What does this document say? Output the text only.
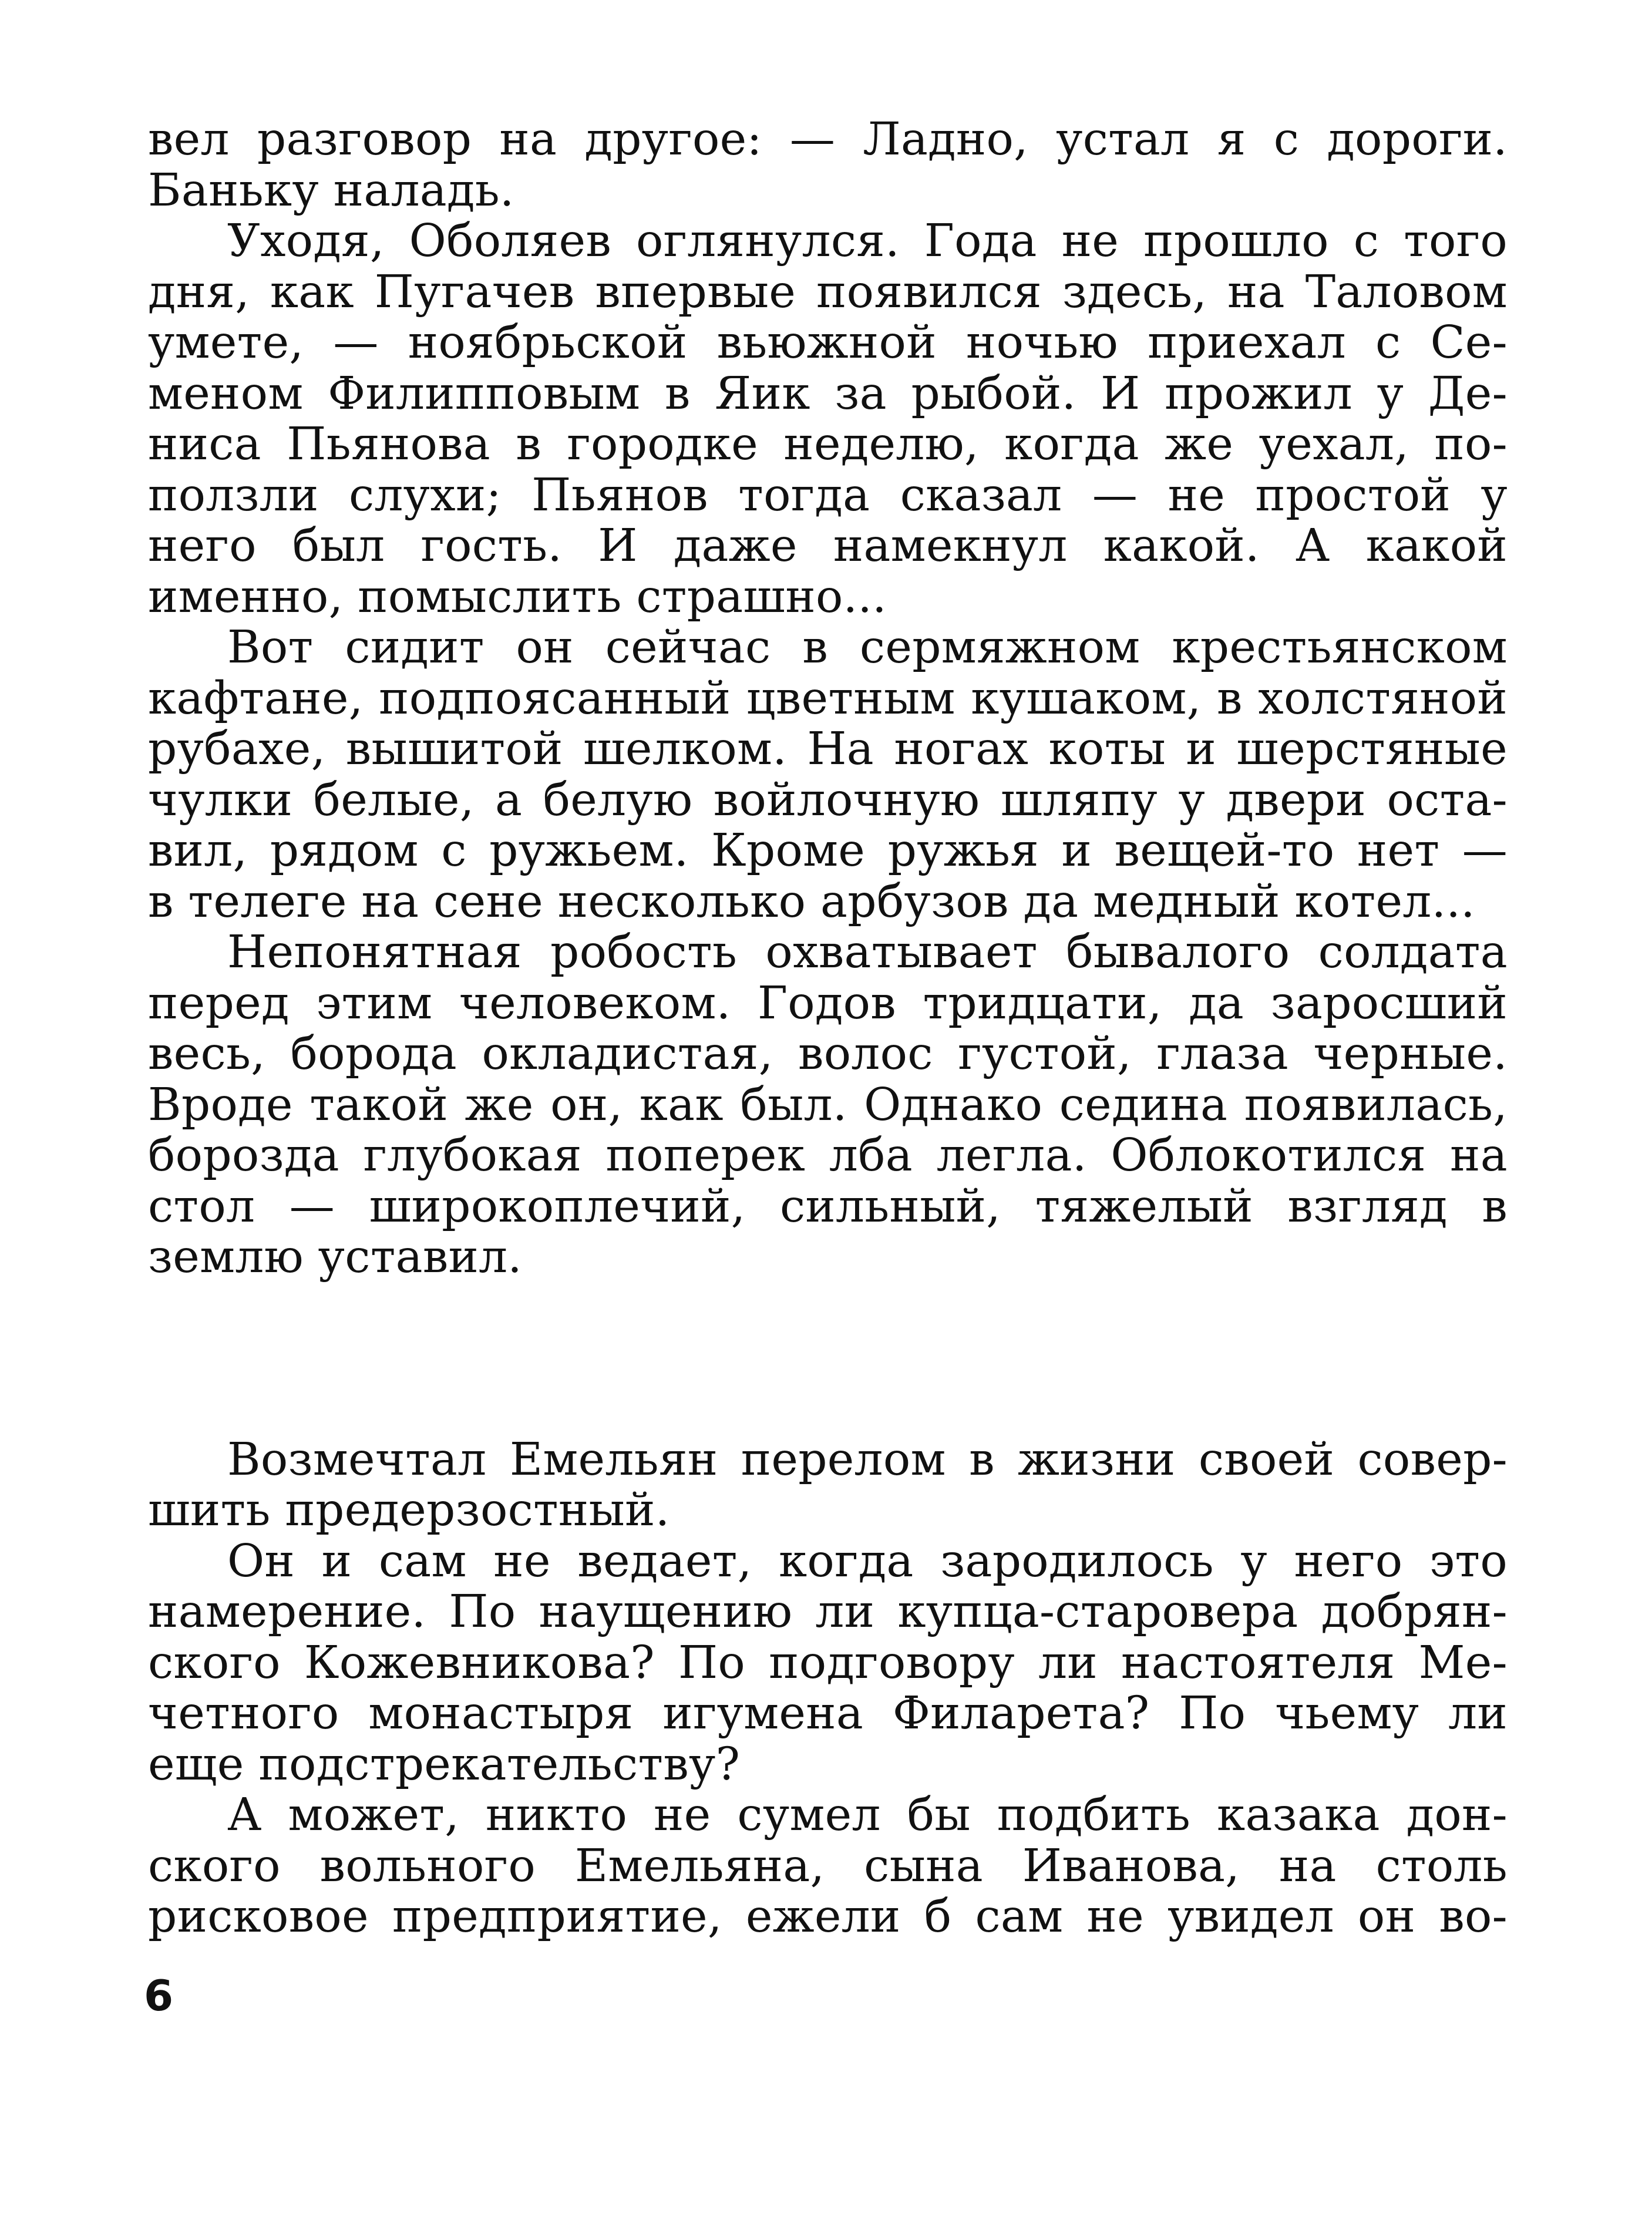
вел разговор на другое: — Ладно, устал я с дороги.
Баньку наладь.
Уходя, Оболяев оглянулся. Года не прошло с того
дня, как Пугачев впервые появился здесь, на Таловом
умете, — ноябрьской вьюжной ночью приехал с Се-
меном Филипповым в Яик за рыбой. И прожил у Де-
ниса Пьянова в городке неделю, когда же уехал, по-
ползли слухи; Пьянов тогда сказал — не простой у
него был гость. И даже намекнул какой. А какой
именно, помыслить страшно...
Вот сидит он сейчас в сермяжном крестьянском
кафтане, подпоясанный цветным кушаком, в холстяной
рубахе, вышитой шелком. На ногах коты и шерстяные
чулки белые, а белую войлочную шляпу у двери оста-
вил, рядом с ружьем. Кроме ружья и вещей-то нет —
в телеге на сене несколько арбузов да медный котел...
Непонятная робость охватывает бывалого солдата
перед этим человеком. Годов тридцати, да заросший
весь, борода окладистая, волос густой, глаза черные.
Вроде такой же он, как был. Однако седина появилась,
борозда глубокая поперек лба легла. Облокотился на
стол — широкоплечий, сильный, тяжелый взгляд в
землю уставил.
Возмечтал Емельян перелом в жизни своей совер-
шить предерзостный.
Он и сам не ведает, когда зародилось у него это
намерение. По наущению ли купца-старовера добрян-
ского Кожевникова? По подговору ли настоятеля Ме-
четного монастыря игумена Филарета? По чьему ли
еще подстрекательству?
А может, никто не сумел бы подбить казака дон-
ского вольного Емельяна, сына Иванова, на столь
рисковое предприятие, ежели б сам не увидел он во-
6
